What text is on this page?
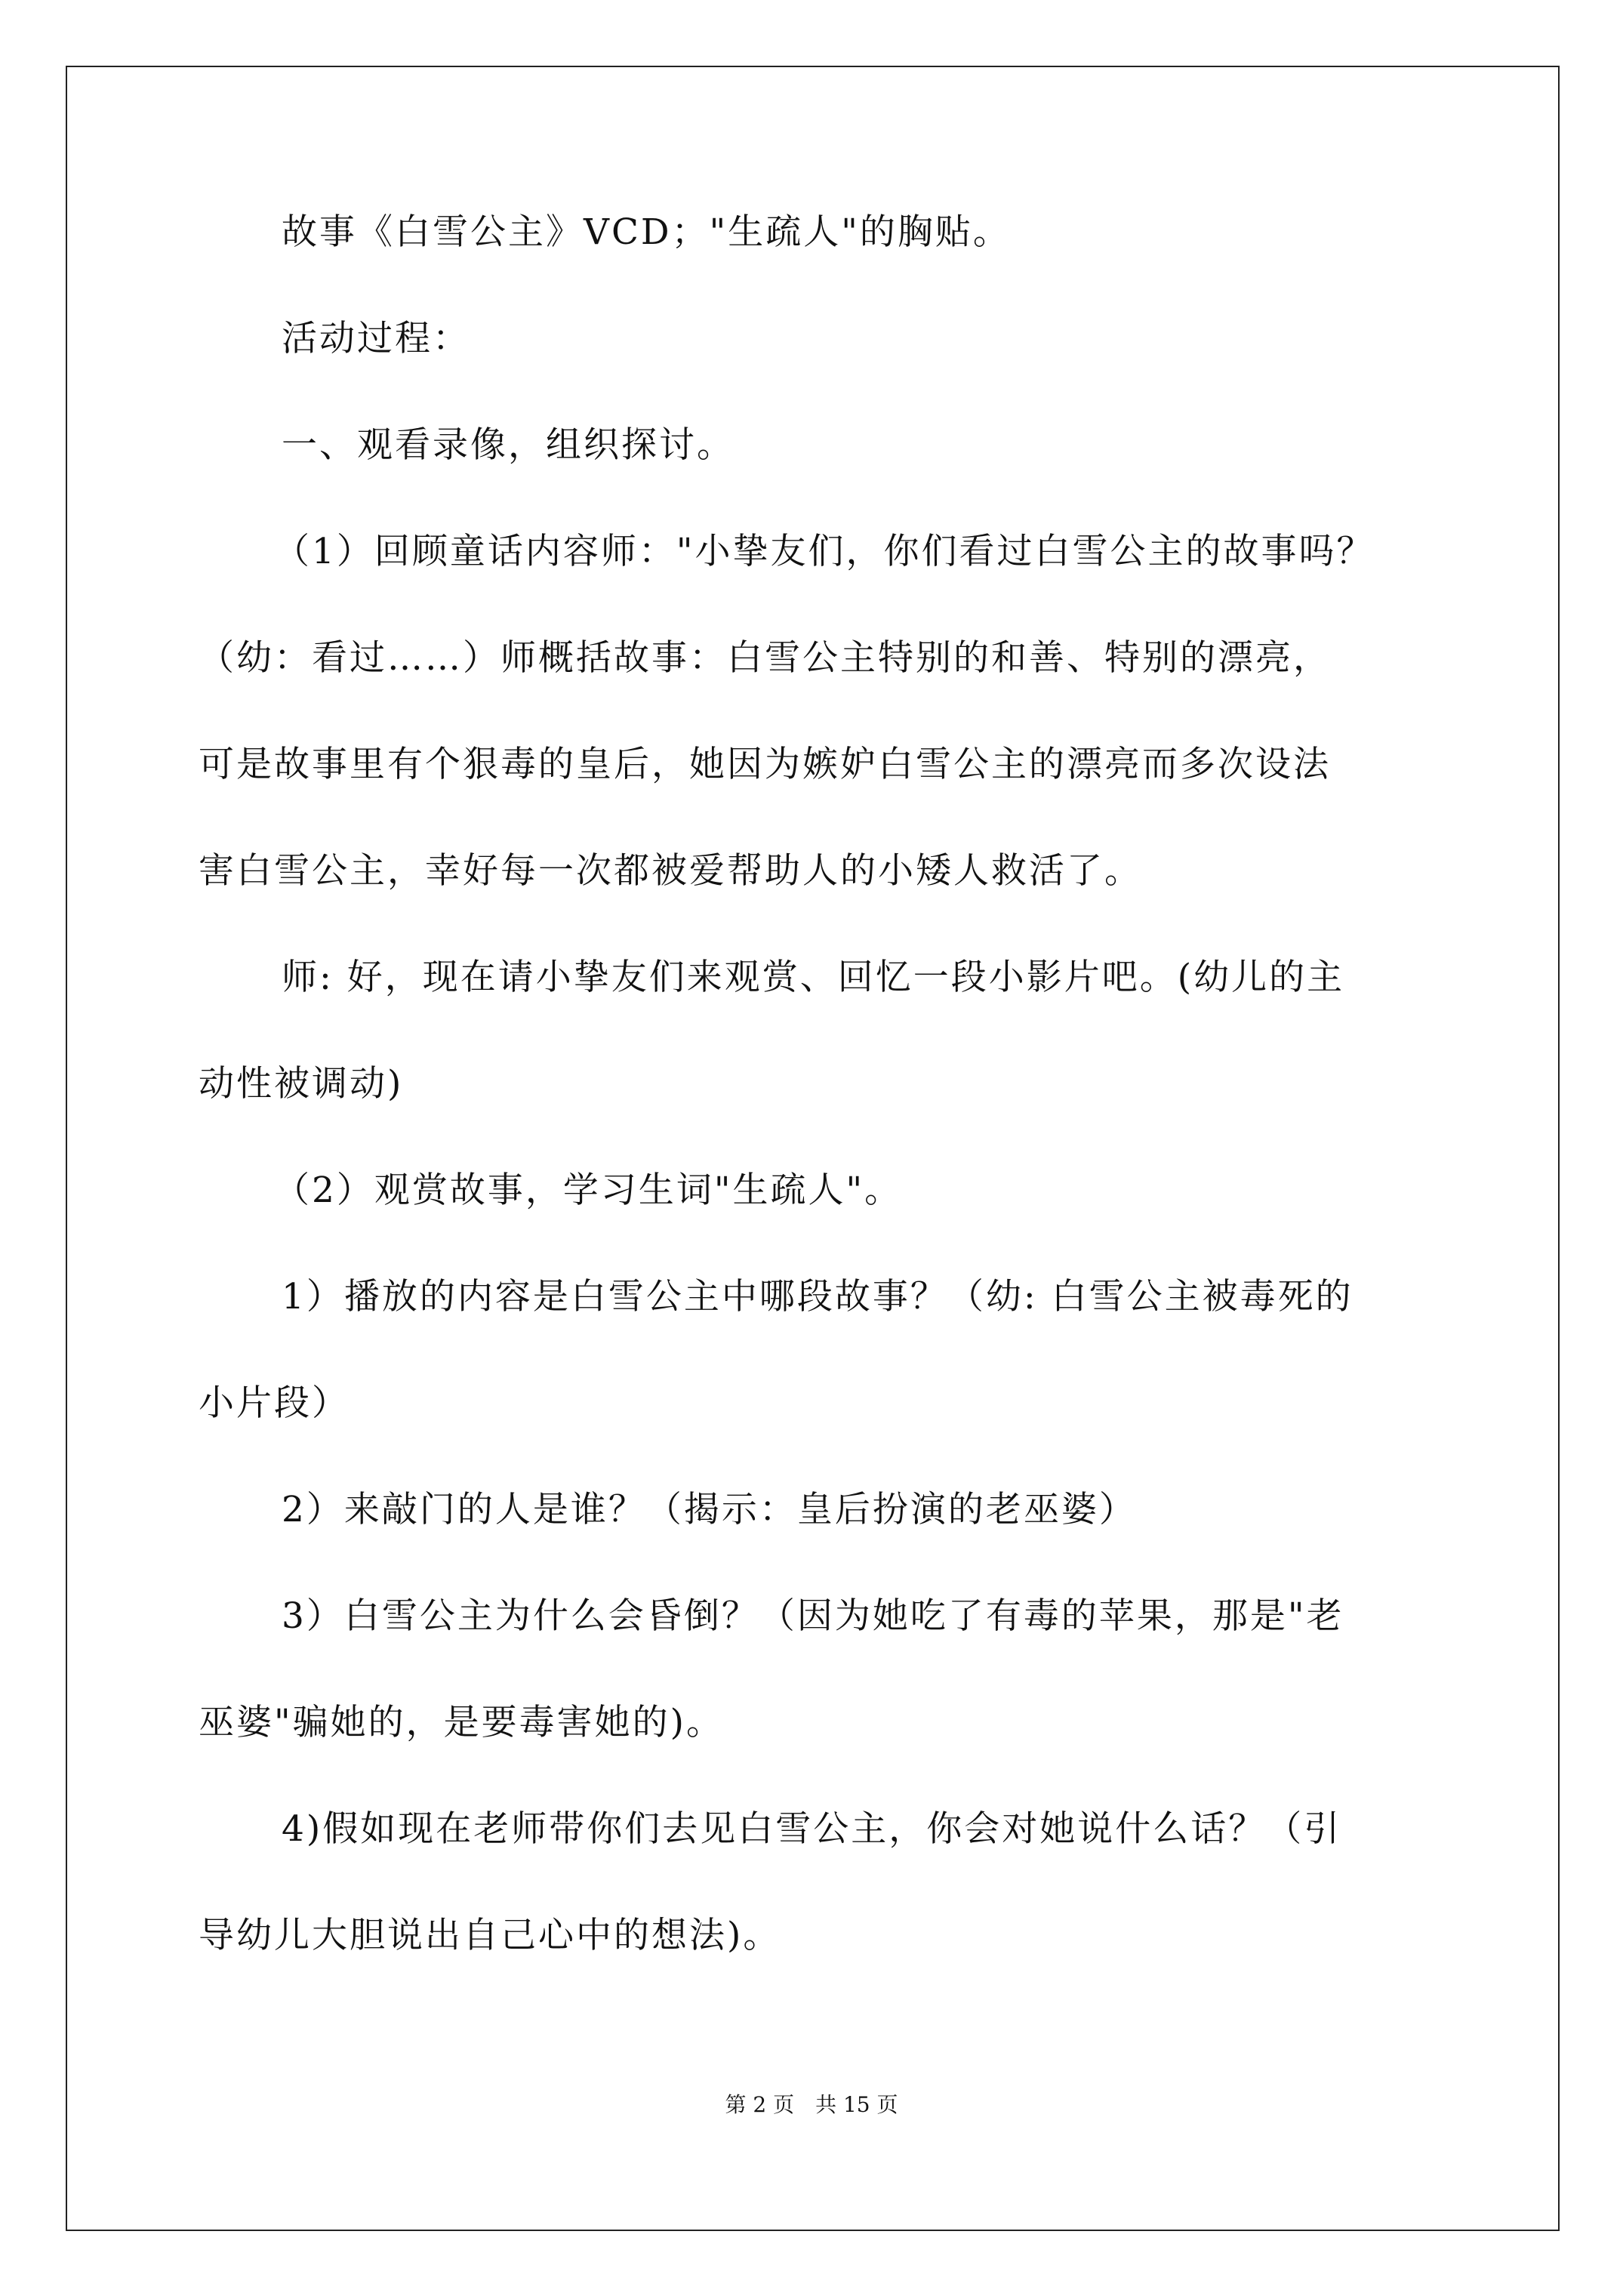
故事《白雪公主》VCD；"生疏人"的胸贴。
活动过程：
一、观看录像，组织探讨。
（1）回顾童话内容师："小挚友们，你们看过白雪公主的故事吗？
（幼：看过……）师概括故事：白雪公主特别的和善、特别的漂亮，
可是故事里有个狠毒的皇后，她因为嫉妒白雪公主的漂亮而多次设法
害白雪公主，幸好每一次都被爱帮助人的小矮人救活了。
师: 好，现在请小挚友们来观赏、回忆一段小影片吧。(幼儿的主
动性被调动)
（2）观赏故事，学习生词"生疏人"。
1）播放的内容是白雪公主中哪段故事？（幼: 白雪公主被毒死的
小片段）
2）来敲门的人是谁？（揭示：皇后扮演的老巫婆）
3）白雪公主为什么会昏倒？（因为她吃了有毒的苹果，那是"老
巫婆"骗她的，是要毒害她的)。
4)假如现在老师带你们去见白雪公主，你会对她说什么话？（引
导幼儿大胆说出自己心中的想法)。
第 2 页　共 15 页
